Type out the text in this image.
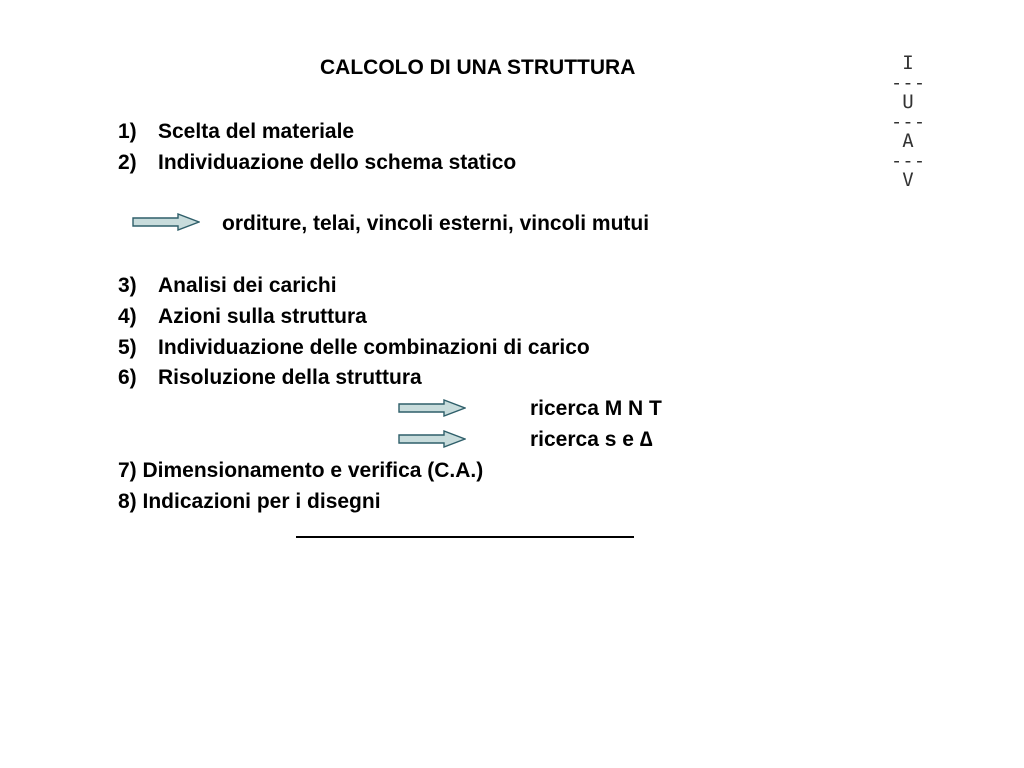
CALCOLO DI UNA STRUTTURA
1) Scelta del materiale
2) Individuazione dello schema statico
orditure, telai, vincoli esterni, vincoli mutui
3) Analisi dei carichi
4) Azioni sulla struttura
5) Individuazione delle combinazioni di carico
6) Risoluzione della struttura
ricerca M N T
ricerca s e ∆
7) Dimensionamento e verifica (C.A.)
8) Indicazioni per i disegni
I
---
U
---
A
---
V
